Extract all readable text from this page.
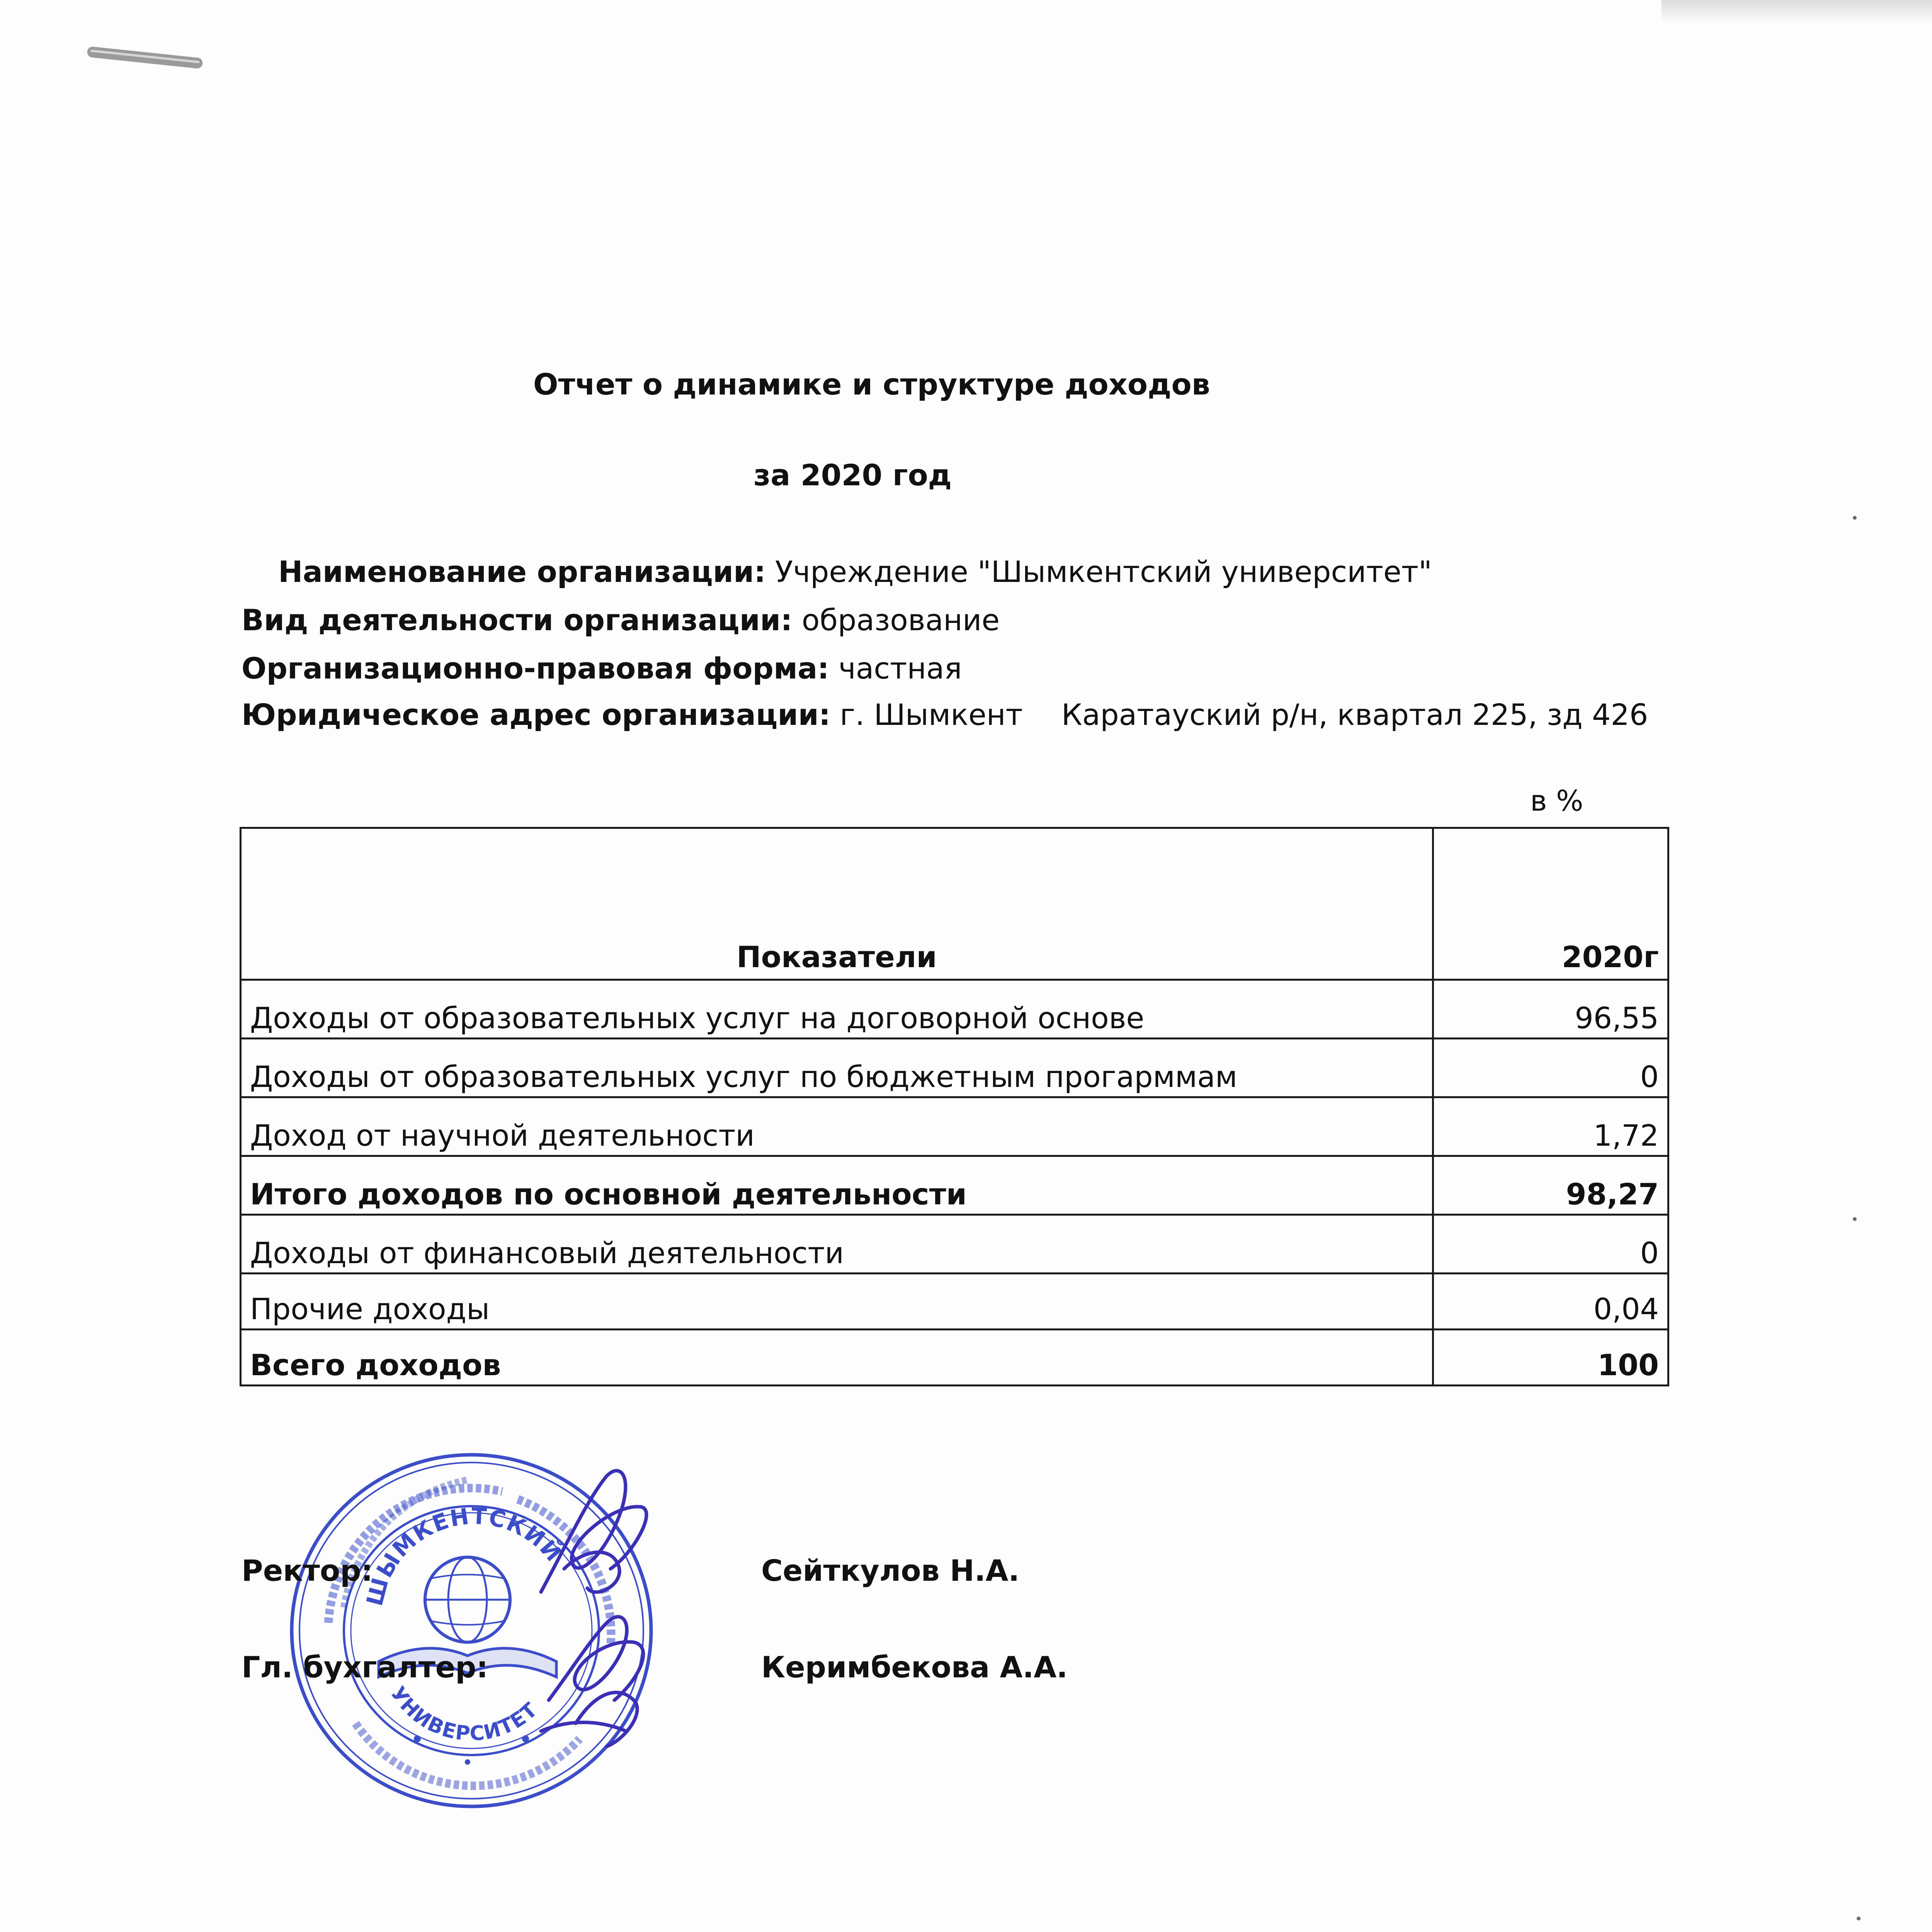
Отчет о динамике и структуре доходов
за 2020 год
Наименование организации: Учреждение "Шымкентский университет"
Вид деятельности организации: образование
Организационно-правовая форма: частная
Юридическое адрес организации: г. Шымкент Каратауский р/н, квартал 225, зд 426
в %
Показатели	2020г
Доходы от образовательных услуг на договорной основе	96,55
Доходы от образовательных услуг по бюджетным прогарммам	0
Доход от научной деятельности	1,72
Итого доходов по основной деятельности	98,27
Доходы от финансовый деятельности	0
Прочие доходы	0,04
Всего доходов	100
ШЫМКЕНТСКИЙ
УНИВЕРСИТЕТ
Ректор:	Сейткулов Н.А.
Гл. бухгалтер:	Керимбекова А.А.
